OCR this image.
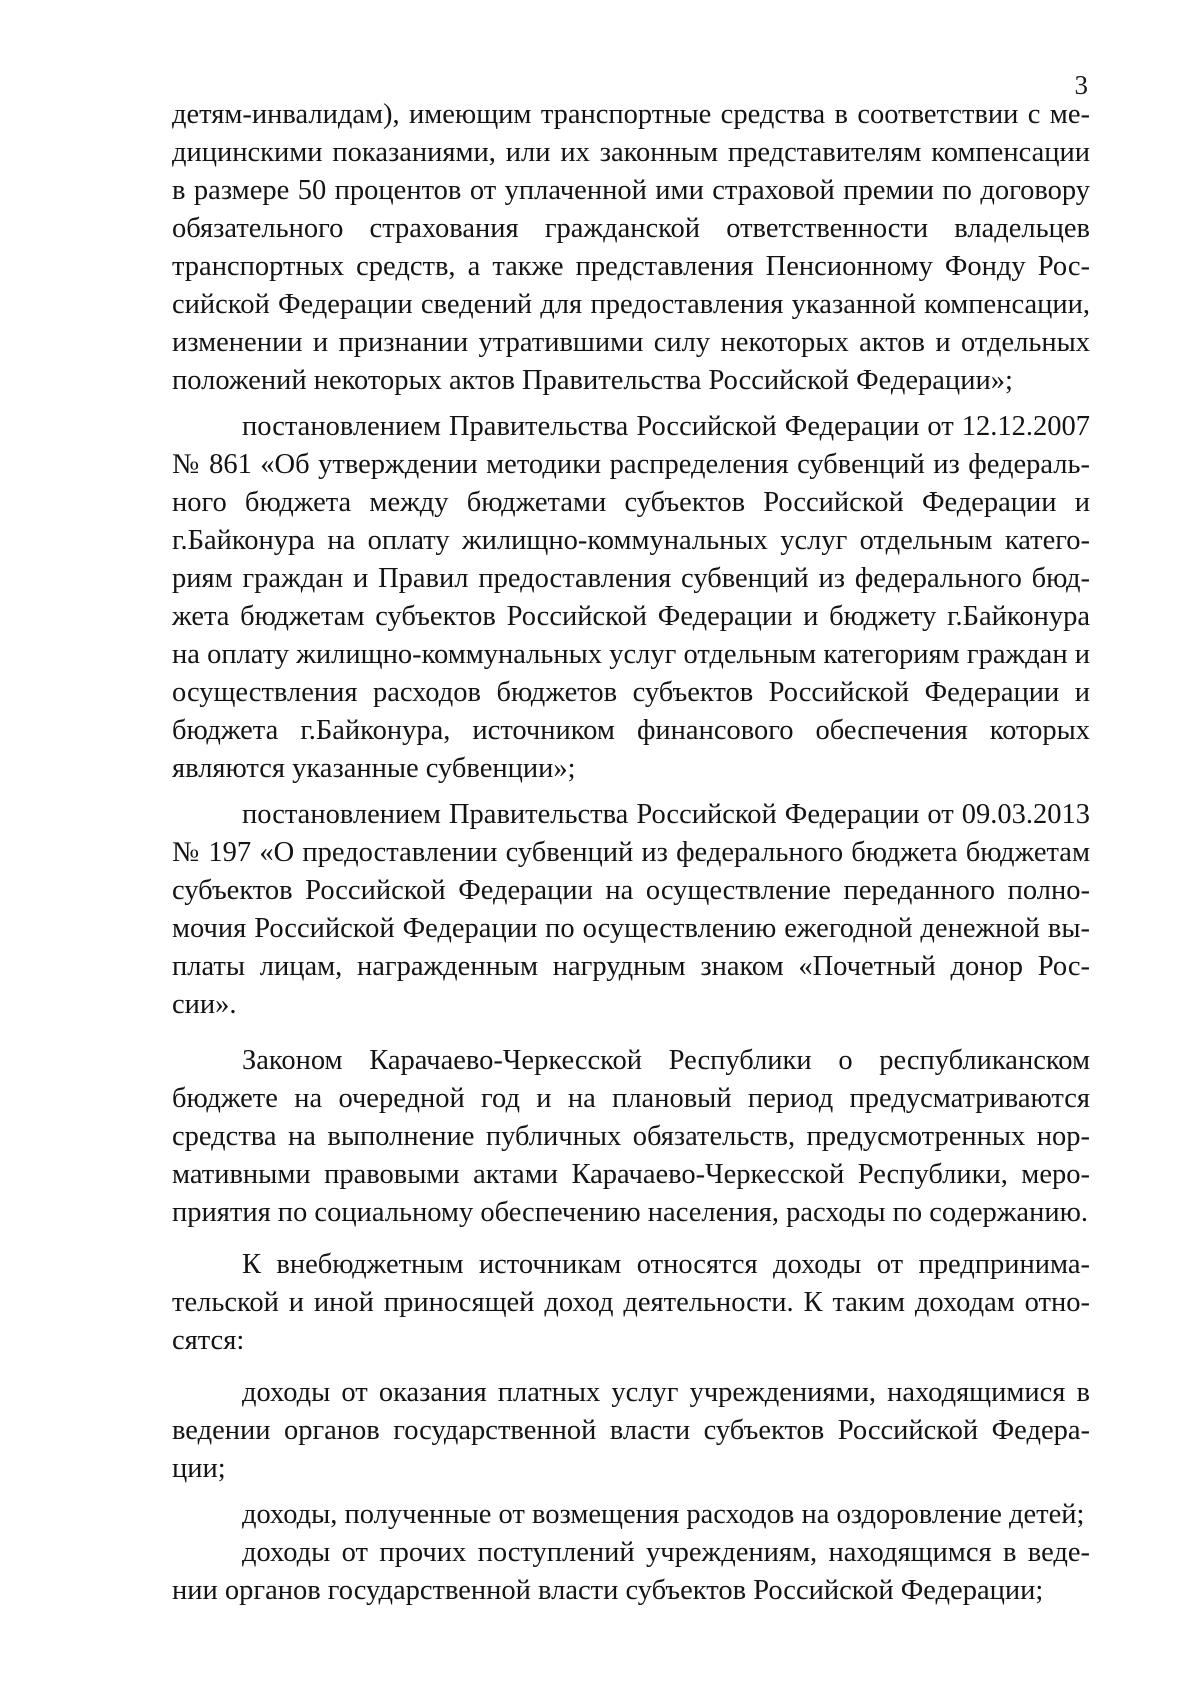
3

детям-инвалидам), имеющим транспортные средства в соответствии с медицинскими показаниями, или их законным представителям компенсации в размере 50 процентов от уплаченной ими страховой премии по договору обязательного страхования гражданской ответственности владельцев транспортных средств, а также представления Пенсионному Фонду Российской Федерации сведений для предоставления указанной компенсации, изменении и признании утратившими силу некоторых актов и отдельных положений некоторых актов Правительства Российской Федерации»;

постановлением Правительства Российской Федерации от 12.12.2007 № 861 «Об утверждении методики распределения субвенций из федерального бюджета между бюджетами субъектов Российской Федерации и г.Байконура на оплату жилищно-коммунальных услуг отдельным категориям граждан и Правил предоставления субвенций из федерального бюджета бюджетам субъектов Российской Федерации и бюджету г.Байконура на оплату жилищно-коммунальных услуг отдельным категориям граждан и осуществления расходов бюджетов субъектов Российской Федерации и бюджета г.Байконура, источником финансового обеспечения которых являются указанные субвенции»;

постановлением Правительства Российской Федерации от 09.03.2013 № 197 «О предоставлении субвенций из федерального бюджета бюджетам субъектов Российской Федерации на осуществление переданного полномочия Российской Федерации по осуществлению ежегодной денежной выплаты лицам, награжденным нагрудным знаком «Почетный донор России».

Законом Карачаево-Черкесской Республики о республиканском бюджете на очередной год и на плановый период предусматриваются средства на выполнение публичных обязательств, предусмотренных нормативными правовыми актами Карачаево-Черкесской Республики, мероприятия по социальному обеспечению населения, расходы по содержанию.

К внебюджетным источникам относятся доходы от предпринимательской и иной приносящей доход деятельности. К таким доходам относятся:

доходы от оказания платных услуг учреждениями, находящимися в ведении органов государственной власти субъектов Российской Федерации;

доходы, полученные от возмещения расходов на оздоровление детей;

доходы от прочих поступлений учреждениям, находящимся в ведении органов государственной власти субъектов Российской Федерации;
